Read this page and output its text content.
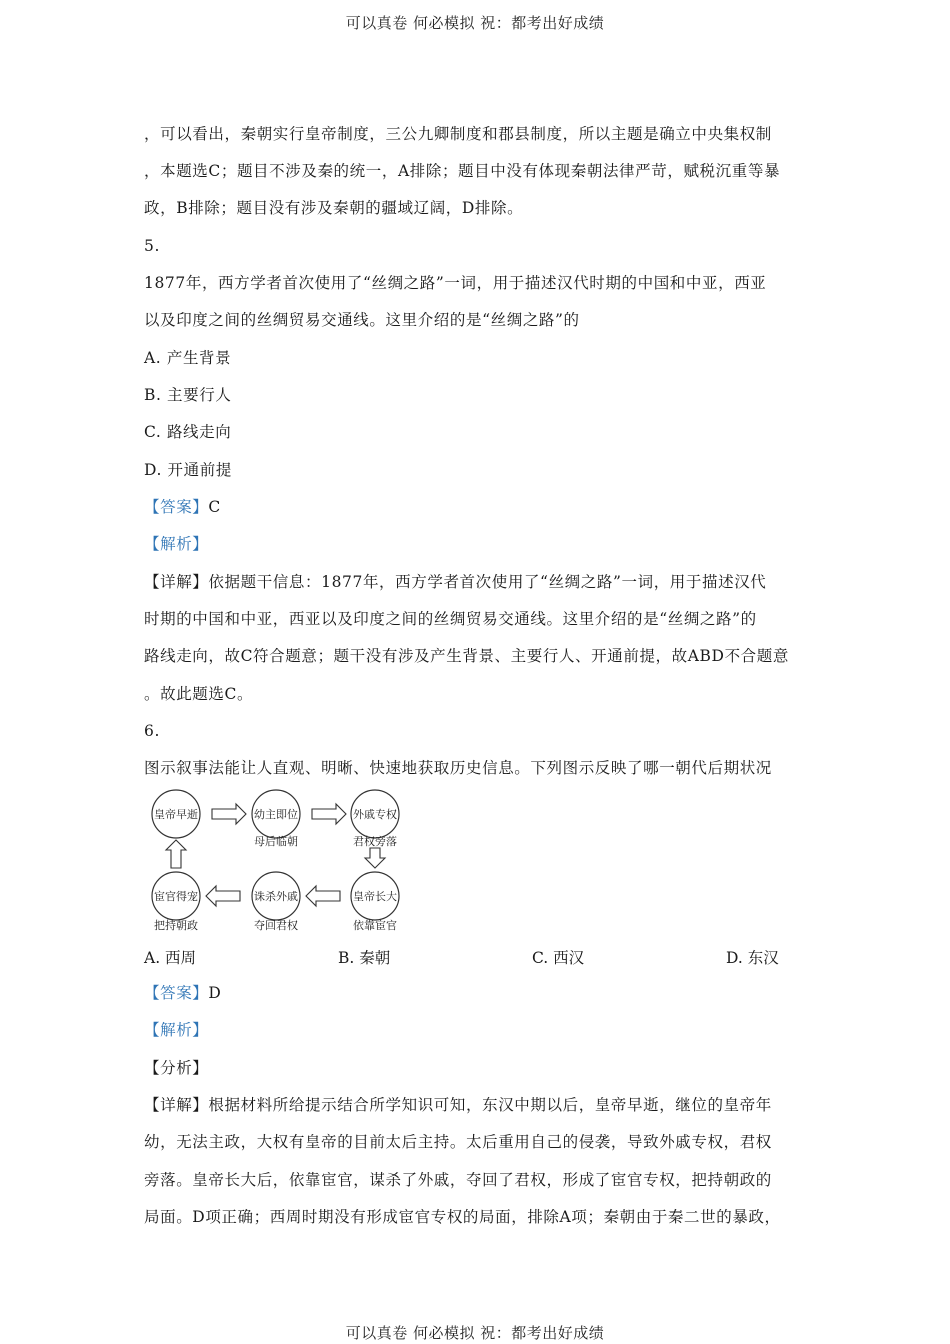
可以真卷 何必模拟 祝：都考出好成绩
，可以看出，秦朝实行皇帝制度，三公九卿制度和郡县制度，所以主题是确立中央集权制
，本题选C；题目不涉及秦的统一，A排除；题目中没有体现秦朝法律严苛，赋税沉重等暴
政，B排除；题目没有涉及秦朝的疆域辽阔，D排除。
5.
1877年，西方学者首次使用了“丝绸之路”一词，用于描述汉代时期的中国和中亚，西亚
以及印度之间的丝绸贸易交通线。这里介绍的是“丝绸之路”的
A. 产生背景
B. 主要行人
C. 路线走向
D. 开通前提
【答案】C
【解析】
【详解】依据题干信息：1877年，西方学者首次使用了“丝绸之路”一词，用于描述汉代
时期的中国和中亚，西亚以及印度之间的丝绸贸易交通线。这里介绍的是“丝绸之路”的
路线走向，故C符合题意；题干没有涉及产生背景、主要行人、开通前提，故ABD不合题意
。故此题选C。
6.
图示叙事法能让人直观、明晰、快速地获取历史信息。下列图示反映了哪一朝代后期状况
皇帝早逝	幼主即位
母后临朝
外戚专权
君权旁落
皇帝长大
依靠宦官
诛杀外戚
夺回君权
宦官得宠
把持朝政
A. 西周	B. 秦朝	C. 西汉	D. 东汉
【答案】D
【解析】
【分析】
【详解】根据材料所给提示结合所学知识可知，东汉中期以后，皇帝早逝，继位的皇帝年
幼，无法主政，大权有皇帝的目前太后主持。太后重用自己的侵袭，导致外戚专权，君权
旁落。皇帝长大后，依靠宦官，谋杀了外戚，夺回了君权，形成了宦官专权，把持朝政的
局面。D项正确；西周时期没有形成宦官专权的局面，排除A项；秦朝由于秦二世的暴政，
可以真卷 何必模拟 祝：都考出好成绩
